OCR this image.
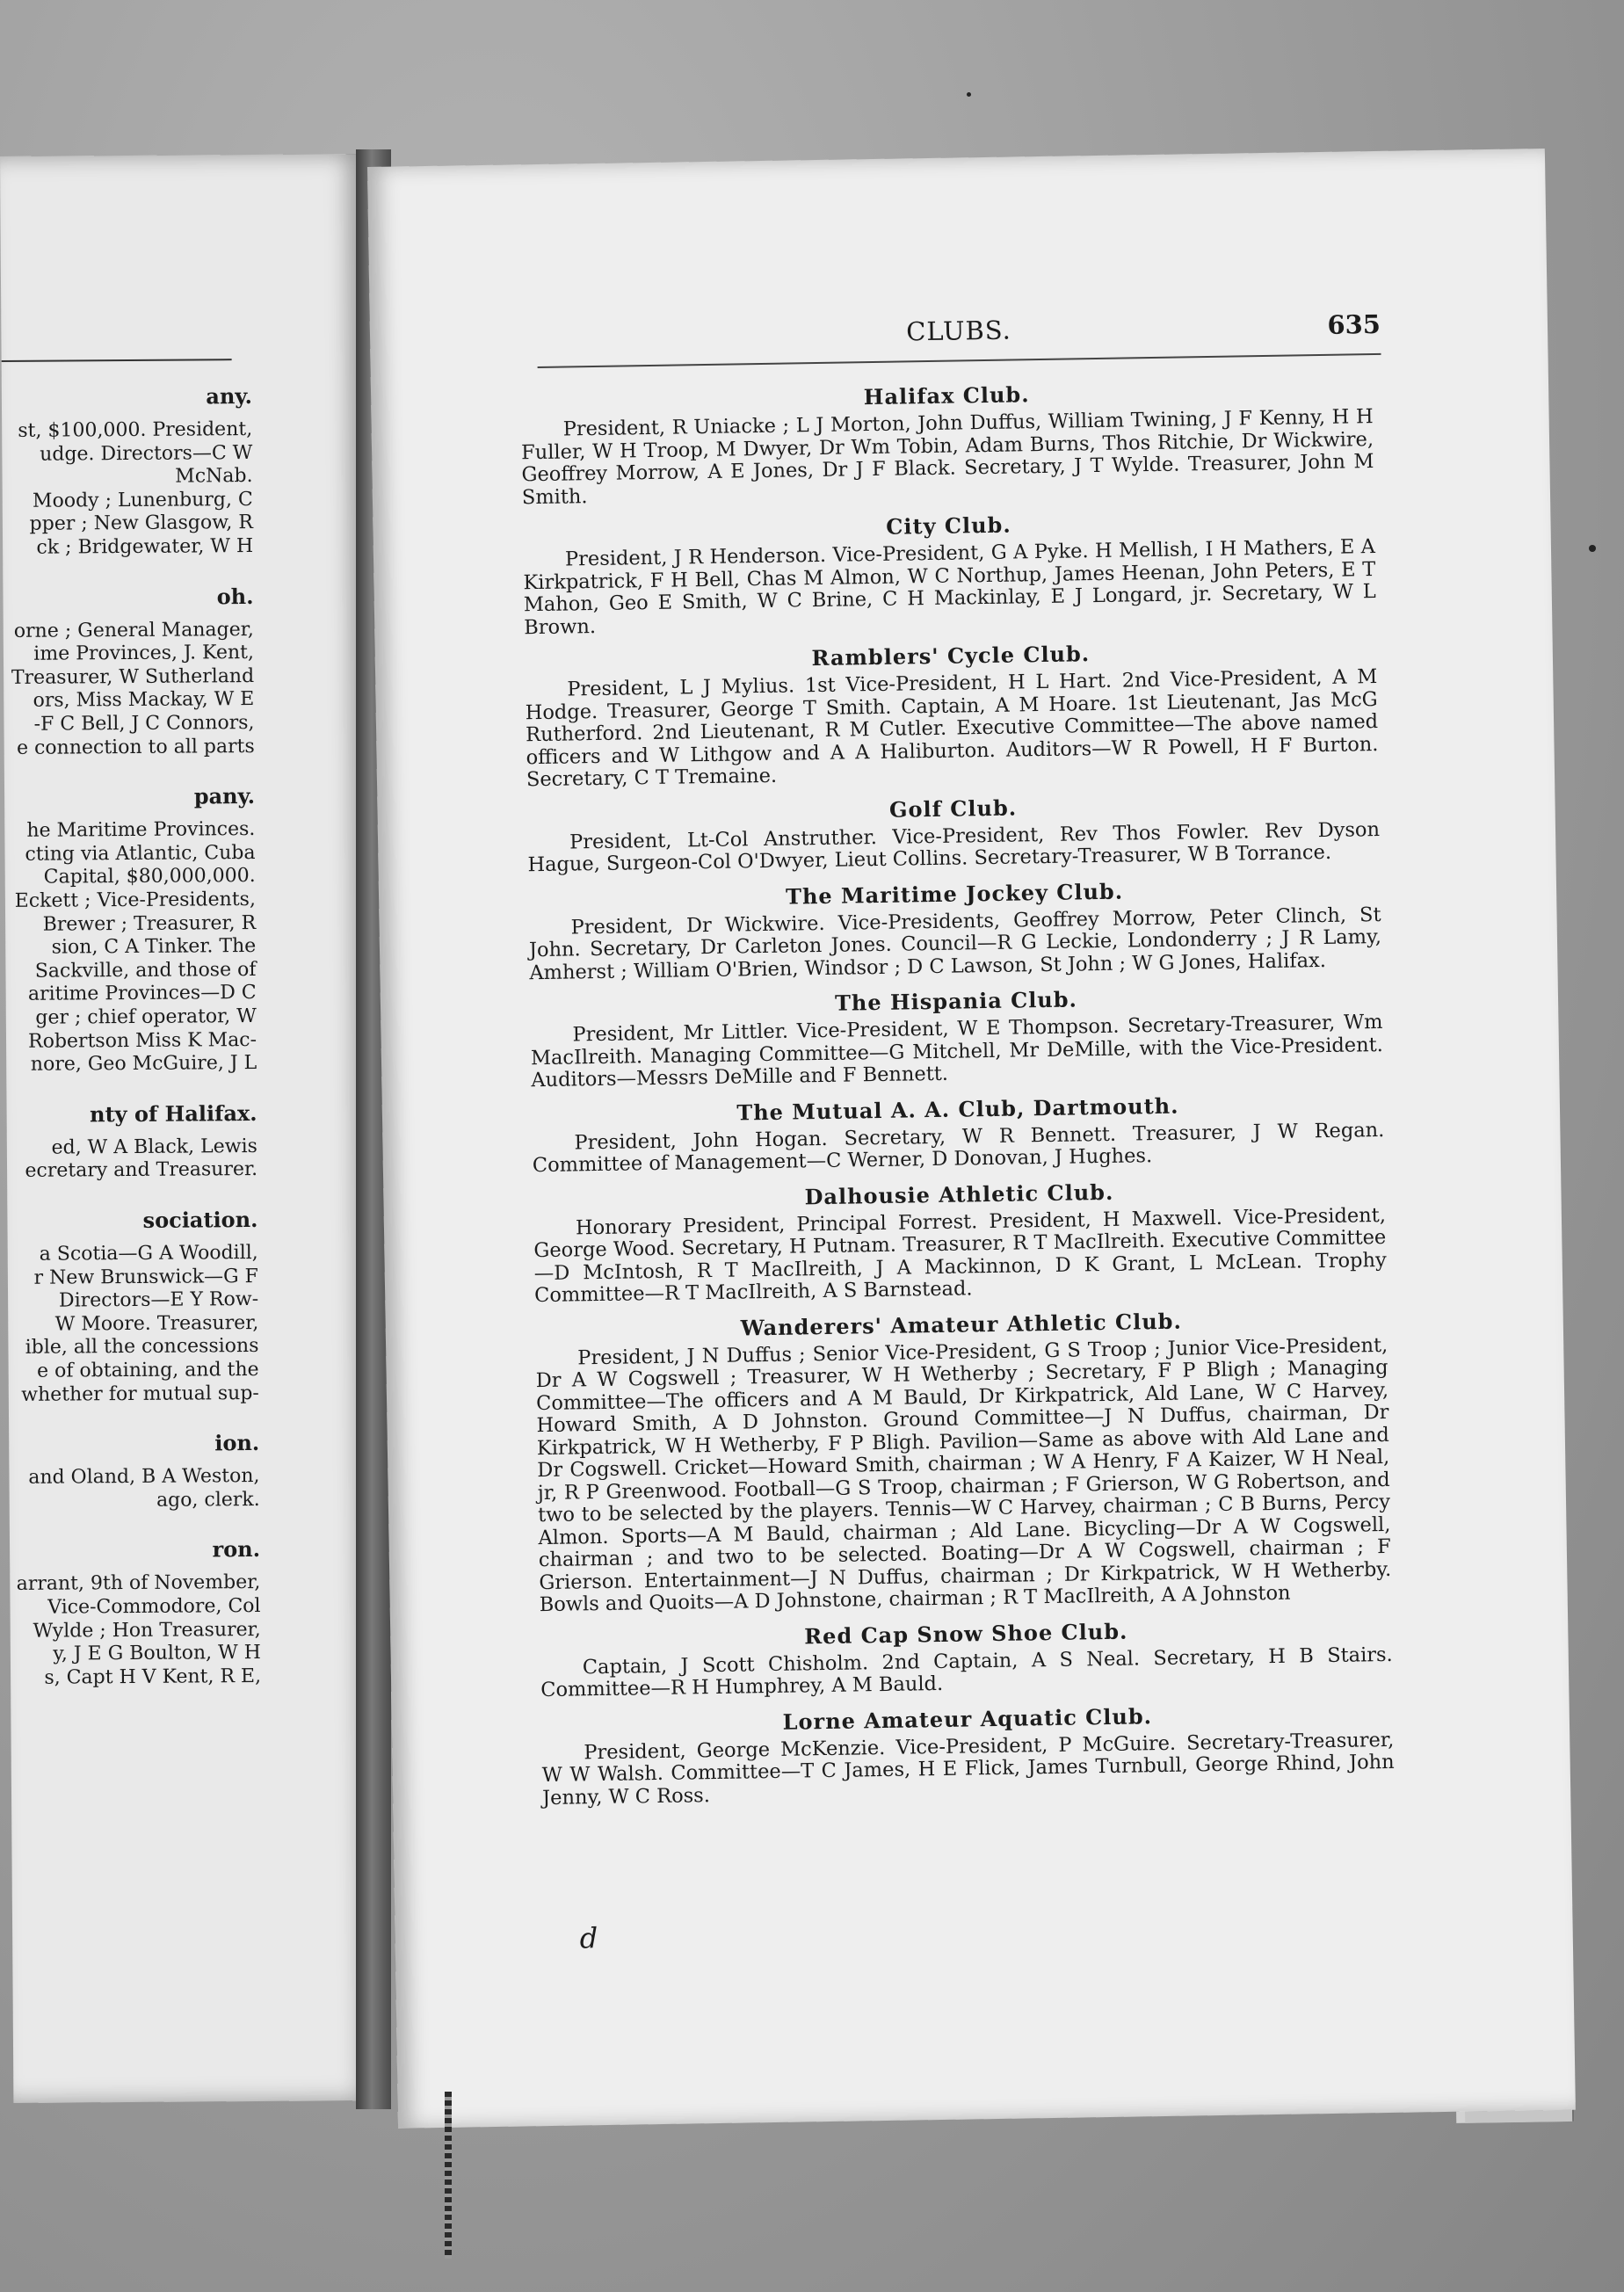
any.
st, $100,000. President,
udge. Directors—C W
McNab.
Moody ; Lunenburg, C
pper ; New Glasgow, R
ck ; Bridgewater, W H
oh.
orne ; General Manager,
ime Provinces, J. Kent,
Treasurer, W Sutherland
ors, Miss Mackay, W E
-F C Bell, J C Connors,
e connection to all parts
pany.
he Maritime Provinces.
cting via Atlantic, Cuba
Capital, $80,000,000.
Eckett ; Vice-Presidents,
Brewer ; Treasurer, R
sion, C A Tinker. The
Sackville, and those of
aritime Provinces—D C
ger ; chief operator, W
Robertson Miss K Mac-
nore, Geo McGuire, J L
nty of Halifax.
ed, W A Black, Lewis
ecretary and Treasurer.
sociation.
a Scotia—G A Woodill,
r New Brunswick—G F
Directors—E Y Row-
W Moore. Treasurer,
ible, all the concessions
e of obtaining, and the
whether for mutual sup-
ion.
and Oland, B A Weston,
ago, clerk.
ron.
arrant, 9th of November,
Vice-Commodore, Col
Wylde ; Hon Treasurer,
y, J E G Boulton, W H
s, Capt H V Kent, R E,
CLUBS.	635
Halifax Club.

President, R Uniacke ; L J Morton, John Duffus, William Twining, J F Kenny, H H Fuller, W H Troop, M Dwyer, Dr Wm Tobin, Adam Burns, Thos Ritchie, Dr Wickwire, Geoffrey Morrow, A E Jones, Dr J F Black. Secretary, J T Wylde. Treasurer, John M Smith.

City Club.

President, J R Henderson. Vice-President, G A Pyke. H Mellish, I H Mathers, E A Kirkpatrick, F H Bell, Chas M Almon, W C Northup, James Heenan, John Peters, E T Mahon, Geo E Smith, W C Brine, C H Mackinlay, E J Longard, jr. Secretary, W L Brown.

Ramblers' Cycle Club.

President, L J Mylius. 1st Vice-President, H L Hart. 2nd Vice-President, A M Hodge. Treasurer, George T Smith. Captain, A M Hoare. 1st Lieutenant, Jas McG Rutherford. 2nd Lieutenant, R M Cutler. Executive Committee—The above named officers and W Lithgow and A A Haliburton. Auditors—W R Powell, H F Burton. Secretary, C T Tremaine.

Golf Club.

President, Lt-Col Anstruther. Vice-President, Rev Thos Fowler. Rev Dyson Hague, Surgeon-Col O'Dwyer, Lieut Collins. Secretary-Treasurer, W B Torrance.

The Maritime Jockey Club.

President, Dr Wickwire. Vice-Presidents, Geoffrey Morrow, Peter Clinch, St John. Secretary, Dr Carleton Jones. Council—R G Leckie, Londonderry ; J R Lamy, Amherst ; William O'Brien, Windsor ; D C Lawson, St John ; W G Jones, Halifax.

The Hispania Club.

President, Mr Littler. Vice-President, W E Thompson. Secretary-Treasurer, Wm MacIlreith. Managing Committee—G Mitchell, Mr DeMille, with the Vice-President. Auditors—Messrs DeMille and F Bennett.

The Mutual A. A. Club, Dartmouth.

President, John Hogan. Secretary, W R Bennett. Treasurer, J W Regan. Committee of Management—C Werner, D Donovan, J Hughes.

Dalhousie Athletic Club.

Honorary President, Principal Forrest. President, H Maxwell. Vice-President, George Wood. Secretary, H Putnam. Treasurer, R T MacIlreith. Executive Committee—D McIntosh, R T MacIlreith, J A Mackinnon, D K Grant, L McLean. Trophy Committee—R T MacIlreith, A S Barnstead.

Wanderers' Amateur Athletic Club.

President, J N Duffus ; Senior Vice-President, G S Troop ; Junior Vice-President, Dr A W Cogswell ; Treasurer, W H Wetherby ; Secretary, F P Bligh ; Managing Committee—The officers and A M Bauld, Dr Kirkpatrick, Ald Lane, W C Harvey, Howard Smith, A D Johnston. Ground Committee—J N Duffus, chairman, Dr Kirkpatrick, W H Wetherby, F P Bligh. Pavilion—Same as above with Ald Lane and Dr Cogswell. Cricket—Howard Smith, chairman ; W A Henry, F A Kaizer, W H Neal, jr, R P Greenwood. Football—G S Troop, chairman ; F Grierson, W G Robertson, and two to be selected by the players. Tennis—W C Harvey, chairman ; C B Burns, Percy Almon. Sports—A M Bauld, chairman ; Ald Lane. Bicycling—Dr A W Cogswell, chairman ; and two to be selected. Boating—Dr A W Cogswell, chairman ; F Grierson. Entertainment—J N Duffus, chairman ; Dr Kirkpatrick, W H Wetherby. Bowls and Quoits—A D Johnstone, chairman ; R T MacIlreith, A A Johnston

Red Cap Snow Shoe Club.

Captain, J Scott Chisholm. 2nd Captain, A S Neal. Secretary, H B Stairs. Committee—R H Humphrey, A M Bauld.

Lorne Amateur Aquatic Club.

President, George McKenzie. Vice-President, P McGuire. Secretary-Treasurer, W W Walsh. Committee—T C James, H E Flick, James Turnbull, George Rhind, John Jenny, W C Ross.

d
